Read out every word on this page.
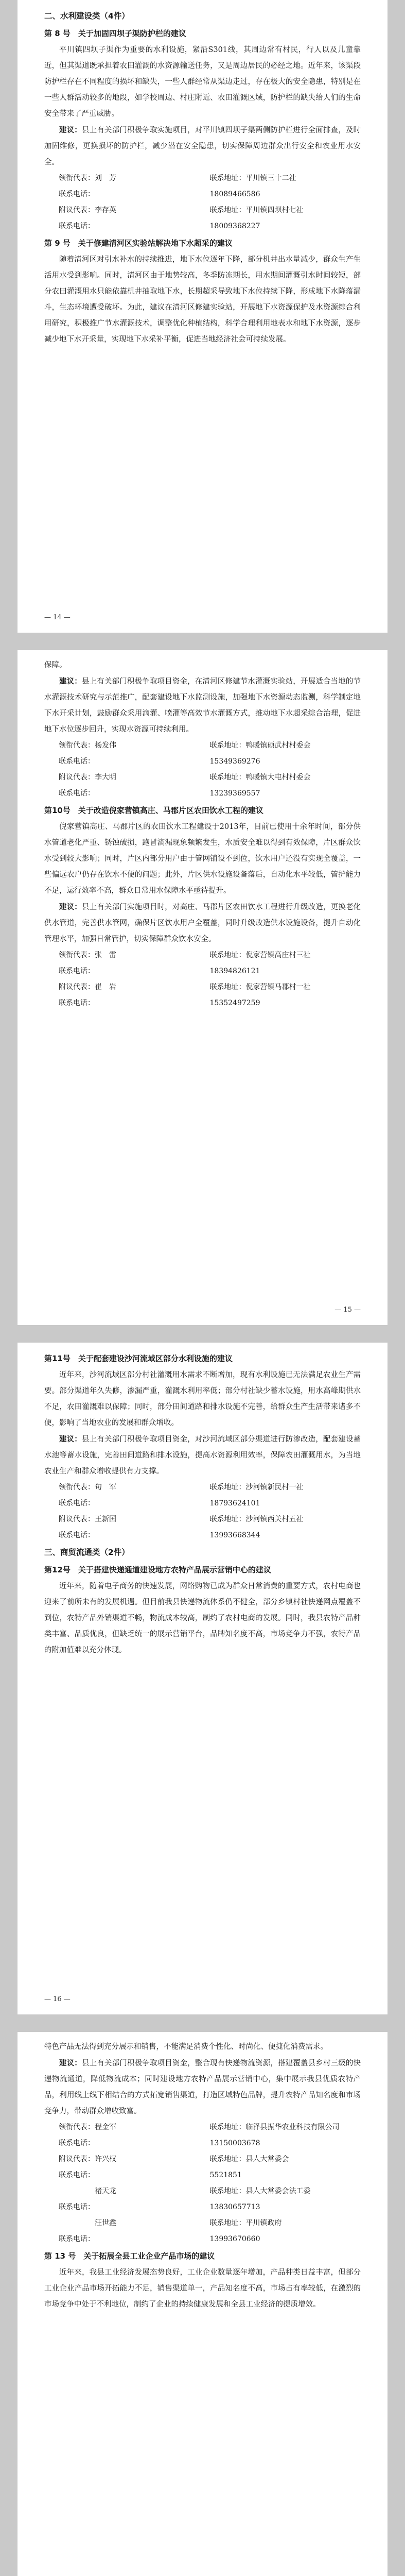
二、水利建设类（4件）
第 8 号　关于加固四坝子渠防护栏的建议

平川镇四坝子渠作为重要的水利设施，紧沿S301线，其周边常有村民，行人以及儿童靠近，但其渠道既承担着农田灌溉的水资源输送任务，又是周边居民的必经之地。近年来，该渠段防护栏存在不同程度的损坏和缺失，一些人群经常从渠边走过，存在极大的安全隐患，特别是在一些人群活动较多的地段，如学校周边、村庄附近、农田灌溉区域，防护栏的缺失给人们的生命安全带来了严重威胁。

建议：县上有关部门积极争取实施项目，对平川镇四坝子渠两侧防护栏进行全面排查，及时加固维修，更换损坏的防护栏，减少潜在安全隐患，切实保障周边群众出行安全和农业用水安全。

领衔代表：刘　芳	联系地址：平川镇三十二社
联系电话：	18089466586
附议代表：李存英	联系地址：平川镇四坝村七社
联系电话：	18009368227
第 9 号　关于修建清河区实验站解决地下水超采的建议

随着清河区对引水补水的持续推进，地下水位逐年下降，部分机井出水量减少，群众生产生活用水受到影响。同时，清河区由于地势较高，冬季防冻期长，用水期间灌溉引水时间较短，部分农田灌溉用水只能依靠机井抽取地下水，长期超采导致地下水位持续下降，形成地下水降落漏斗，生态环境遭受破坏。为此，建议在清河区修建实验站，开展地下水资源保护及水资源综合利用研究，积极推广节水灌溉技术，调整优化种植结构，科学合理利用地表水和地下水资源，逐步减少地下水开采量，实现地下水采补平衡，促进当地经济社会可持续发展。

— 14 —

保障。

建议：县上有关部门积极争取项目资金，在清河区修建节水灌溉实验站，开展适合当地的节水灌溉技术研究与示范推广，配套建设地下水监测设施，加强地下水资源动态监测，科学制定地下水开采计划，鼓励群众采用滴灌、喷灌等高效节水灌溉方式，推动地下水超采综合治理，促进地下水位逐步回升，实现水资源可持续利用。

领衔代表：杨发伟	联系地址：鸭暖镇硕武村村委会
联系电话：	15349369276
附议代表：李大明	联系地址：鸭暖镇大屯村村委会
联系电话：	13239369557
第10号　关于改造倪家营镇高庄、马郡片区农田饮水工程的建议

倪家营镇高庄、马郡片区的农田饮水工程建设于2013年，目前已使用十余年时间，部分供水管道老化严重、锈蚀破损，跑冒滴漏现象频繁发生，水质安全难以得到有效保障，片区群众饮水受到较大影响；同时，片区内部分用户由于管网铺设不到位，饮水用户还没有实现全覆盖，一些偏远农户仍存在饮水不便的问题；此外，片区供水设施设备落后，自动化水平较低，管护能力不足，运行效率不高，群众日常用水保障水平亟待提升。

建议：县上有关部门实施项目时，对高庄、马郡片区农田饮水工程进行升级改造，更换老化供水管道，完善供水管网，确保片区饮水用户全覆盖，同时升级改造供水设施设备，提升自动化管理水平，加强日常管护，切实保障群众饮水安全。

领衔代表：张　雷	联系地址：倪家营镇高庄村三社
联系电话：	18394826121
附议代表：崔　岩	联系地址：倪家营镇马郡村一社
联系电话：	15352497259
— 15 —
第11号　关于配套建设沙河流域区部分水利设施的建议

近年来，沙河流域区部分村社灌溉用水需求不断增加，现有水利设施已无法满足农业生产需要。部分渠道年久失修，渗漏严重，灌溉水利用率低；部分村社缺少蓄水设施，用水高峰期供水不足，农田灌溉难以保障；同时，部分田间道路和排水设施不完善，给群众生产生活带来诸多不便，影响了当地农业的发展和群众增收。

建议：县上有关部门积极争取项目资金，对沙河流域区部分渠道进行防渗改造，配套建设蓄水池等蓄水设施，完善田间道路和排水设施，提高水资源利用效率，保障农田灌溉用水，为当地农业生产和群众增收提供有力支撑。

领衔代表：句　军	联系地址：沙河镇新民村一社
联系电话：	18793624101
附议代表：王新国	联系地址：沙河镇西关村五社
联系电话：	13993668344
三、商贸流通类（2件）
第12号　关于搭建快递通道建设地方农特产品展示营销中心的建议

近年来，随着电子商务的快速发展，网络购物已成为群众日常消费的重要方式，农村电商也迎来了前所未有的发展机遇。但目前我县快递物流体系仍不健全，部分乡镇村社快递网点覆盖不到位，农特产品外销渠道不畅，物流成本较高，制约了农村电商的发展。同时，我县农特产品种类丰富、品质优良，但缺乏统一的展示营销平台，品牌知名度不高，市场竞争力不强，农特产品的附加值难以充分体现。

— 16 —

特色产品无法得到充分展示和销售，不能满足消费个性化、时尚化、便捷化消费需求。

建议：县上有关部门积极争取项目资金，整合现有快递物流资源，搭建覆盖县乡村三级的快递物流通道，降低物流成本；同时建设地方农特产品展示营销中心，集中展示我县优质农特产品，利用线上线下相结合的方式拓宽销售渠道，打造区域特色品牌，提升农特产品知名度和市场竞争力，带动群众增收致富。

领衔代表：程金军	联系地址：临泽县振华农业科技有限公司
联系电话：	13150003678
附议代表：许兴权	联系地址：县人大常委会
联系电话：	5521851
　　　　　褚天龙	联系地址：县人大常委会法工委
联系电话：	13830657713
　　　　　汪世鑫	联系地址：平川镇政府
联系电话：	13993670660
第 13 号　关于拓展全县工业企业产品市场的建议

近年来，我县工业经济发展态势良好，工业企业数量逐年增加，产品种类日益丰富，但部分工业企业产品市场开拓能力不足，销售渠道单一，产品知名度不高，市场占有率较低，在激烈的市场竞争中处于不利地位，制约了企业的持续健康发展和全县工业经济的提质增效。
